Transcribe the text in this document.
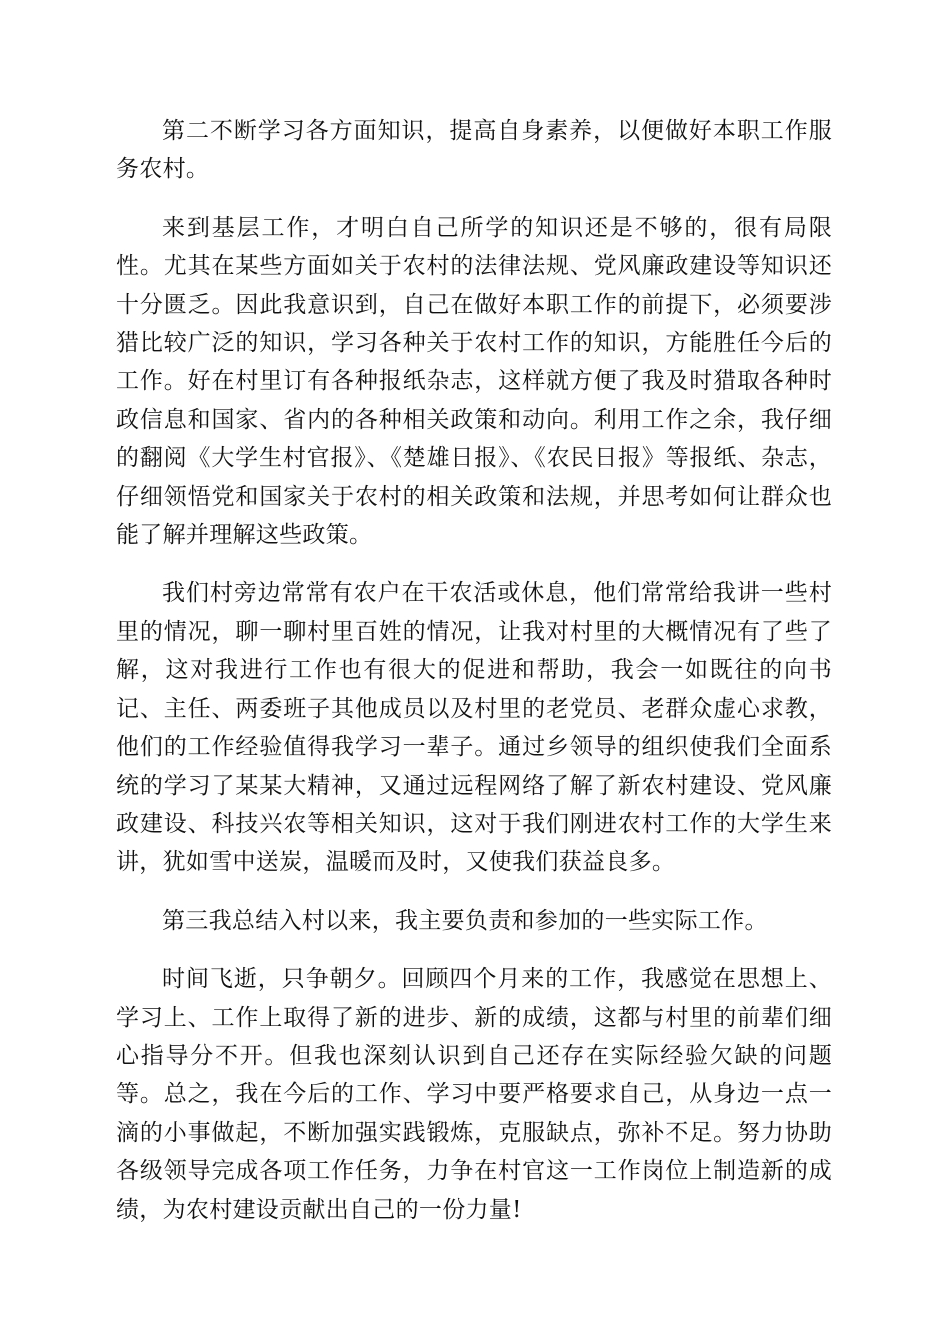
第二不断学习各方面知识，提高自身素养，以便做好本职工作服务农村。

来到基层工作，才明白自己所学的知识还是不够的，很有局限性。尤其在某些方面如关于农村的法律法规、党风廉政建设等知识还十分匮乏。因此我意识到，自己在做好本职工作的前提下，必须要涉猎比较广泛的知识，学习各种关于农村工作的知识，方能胜任今后的工作。好在村里订有各种报纸杂志，这样就方便了我及时猎取各种时政信息和国家、省内的各种相关政策和动向。利用工作之余，我仔细的翻阅《大学生村官报》、《楚雄日报》、《农民日报》等报纸、杂志，仔细领悟党和国家关于农村的相关政策和法规，并思考如何让群众也能了解并理解这些政策。

我们村旁边常常有农户在干农活或休息，他们常常给我讲一些村里的情况，聊一聊村里百姓的情况，让我对村里的大概情况有了些了解，这对我进行工作也有很大的促进和帮助，我会一如既往的向书记、主任、两委班子其他成员以及村里的老党员、老群众虚心求教，他们的工作经验值得我学习一辈子。通过乡领导的组织使我们全面系统的学习了某某大精神，又通过远程网络了解了新农村建设、党风廉政建设、科技兴农等相关知识，这对于我们刚进农村工作的大学生来讲，犹如雪中送炭，温暖而及时，又使我们获益良多。

第三我总结入村以来，我主要负责和参加的一些实际工作。

时间飞逝，只争朝夕。回顾四个月来的工作，我感觉在思想上、学习上、工作上取得了新的进步、新的成绩，这都与村里的前辈们细心指导分不开。但我也深刻认识到自己还存在实际经验欠缺的问题等。总之，我在今后的工作、学习中要严格要求自己，从身边一点一滴的小事做起，不断加强实践锻炼，克服缺点，弥补不足。努力协助各级领导完成各项工作任务，力争在村官这一工作岗位上制造新的成绩，为农村建设贡献出自己的一份力量!
